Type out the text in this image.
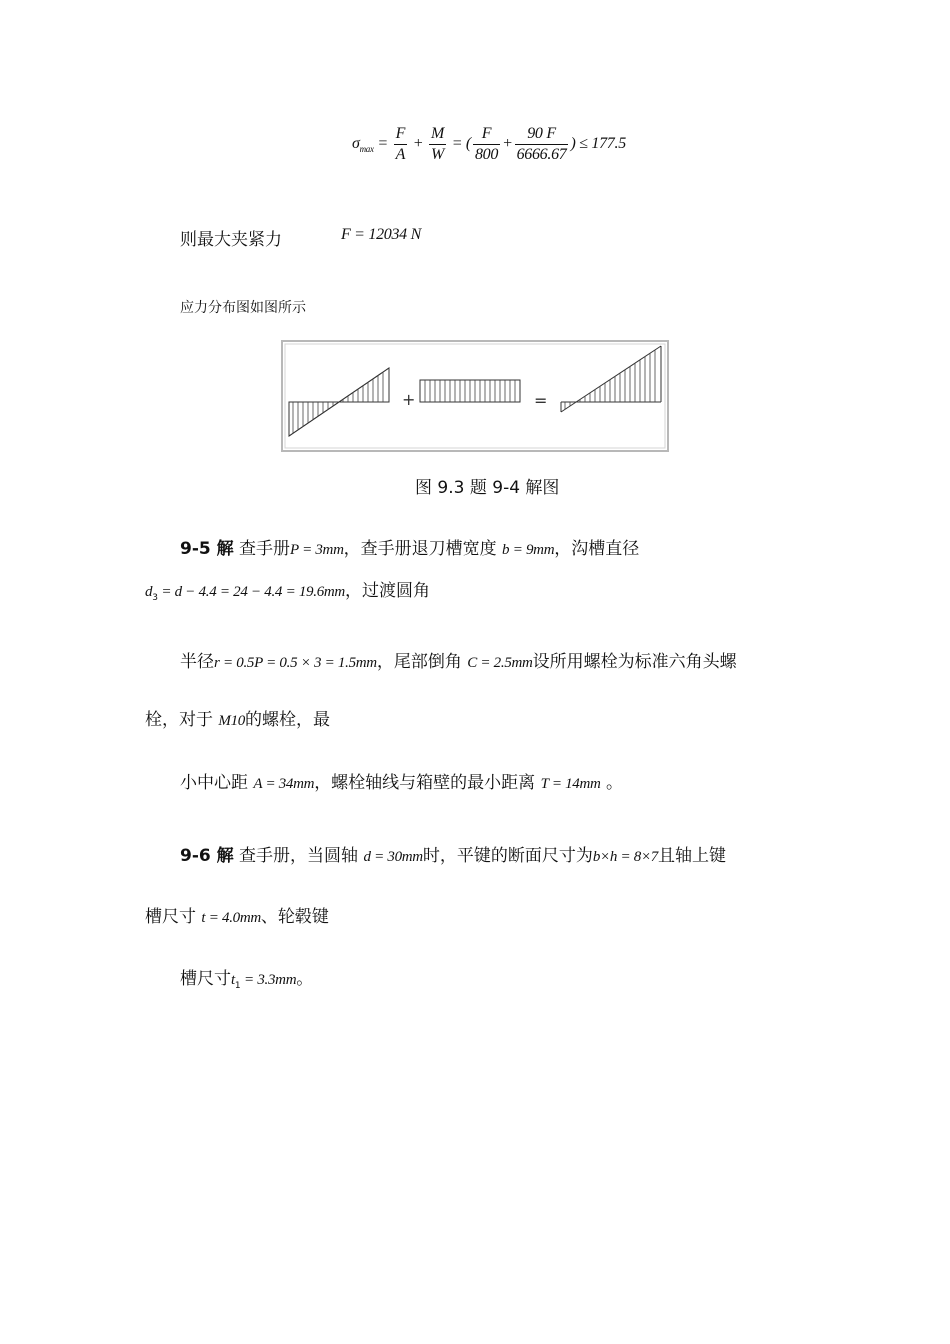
$\sigma_{max} = \frac{F}{A} + \frac{M}{W}$ = ( $\frac{F}{800} + \frac{90 F}{6666.67}$ ) ≤ 177.5
则最大夹紧力	F = 12034 N
应力分布图如图所示
+	=
图 9.3 题 9-4 解图
9-5 解 查手册P = 3mm，查手册退刀槽宽度 b = 9mm，沟槽直径
$d_3 = d - 4.4 = 24 - 4.4 = 19.6mm$，过渡圆角
半径r = 0.5P = 0.5 × 3 = 1.5mm，尾部倒角 C = 2.5mm设所用螺栓为标准六角头螺
栓，对于 M10的螺栓，最
小中心距 A = 34mm，螺栓轴线与箱壁的最小距离 T = 14mm 。
9-6 解 查手册，当圆轴 d = 30mm时，平键的断面尺寸为b×h = 8×7且轴上键
槽尺寸 t = 4.0mm、轮毂键
槽尺寸$t_1 = 3.3mm$。
